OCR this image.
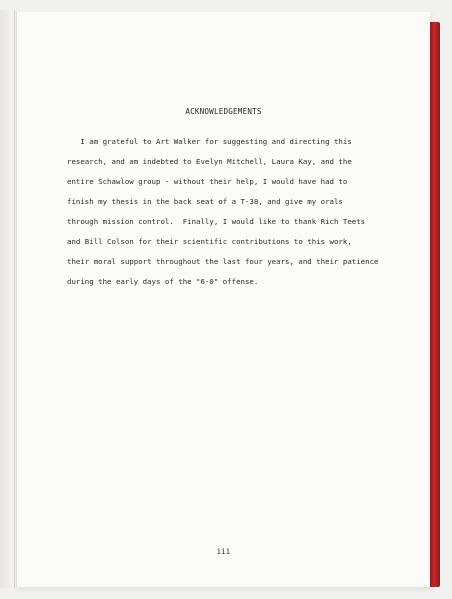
ACKNOWLEDGEMENTS
I am grateful to Art Walker for suggesting and directing this
research, and am indebted to Evelyn Mitchell, Laura Kay, and the
entire Schawlow group - without their help, I would have had to
finish my thesis in the back seat of a T-38, and give my orals
through mission control.  Finally, I would like to thank Rich Teets
and Bill Colson for their scientific contributions to this work,
their moral support throughout the last four years, and their patience
during the early days of the "6-0" offense.
iii
